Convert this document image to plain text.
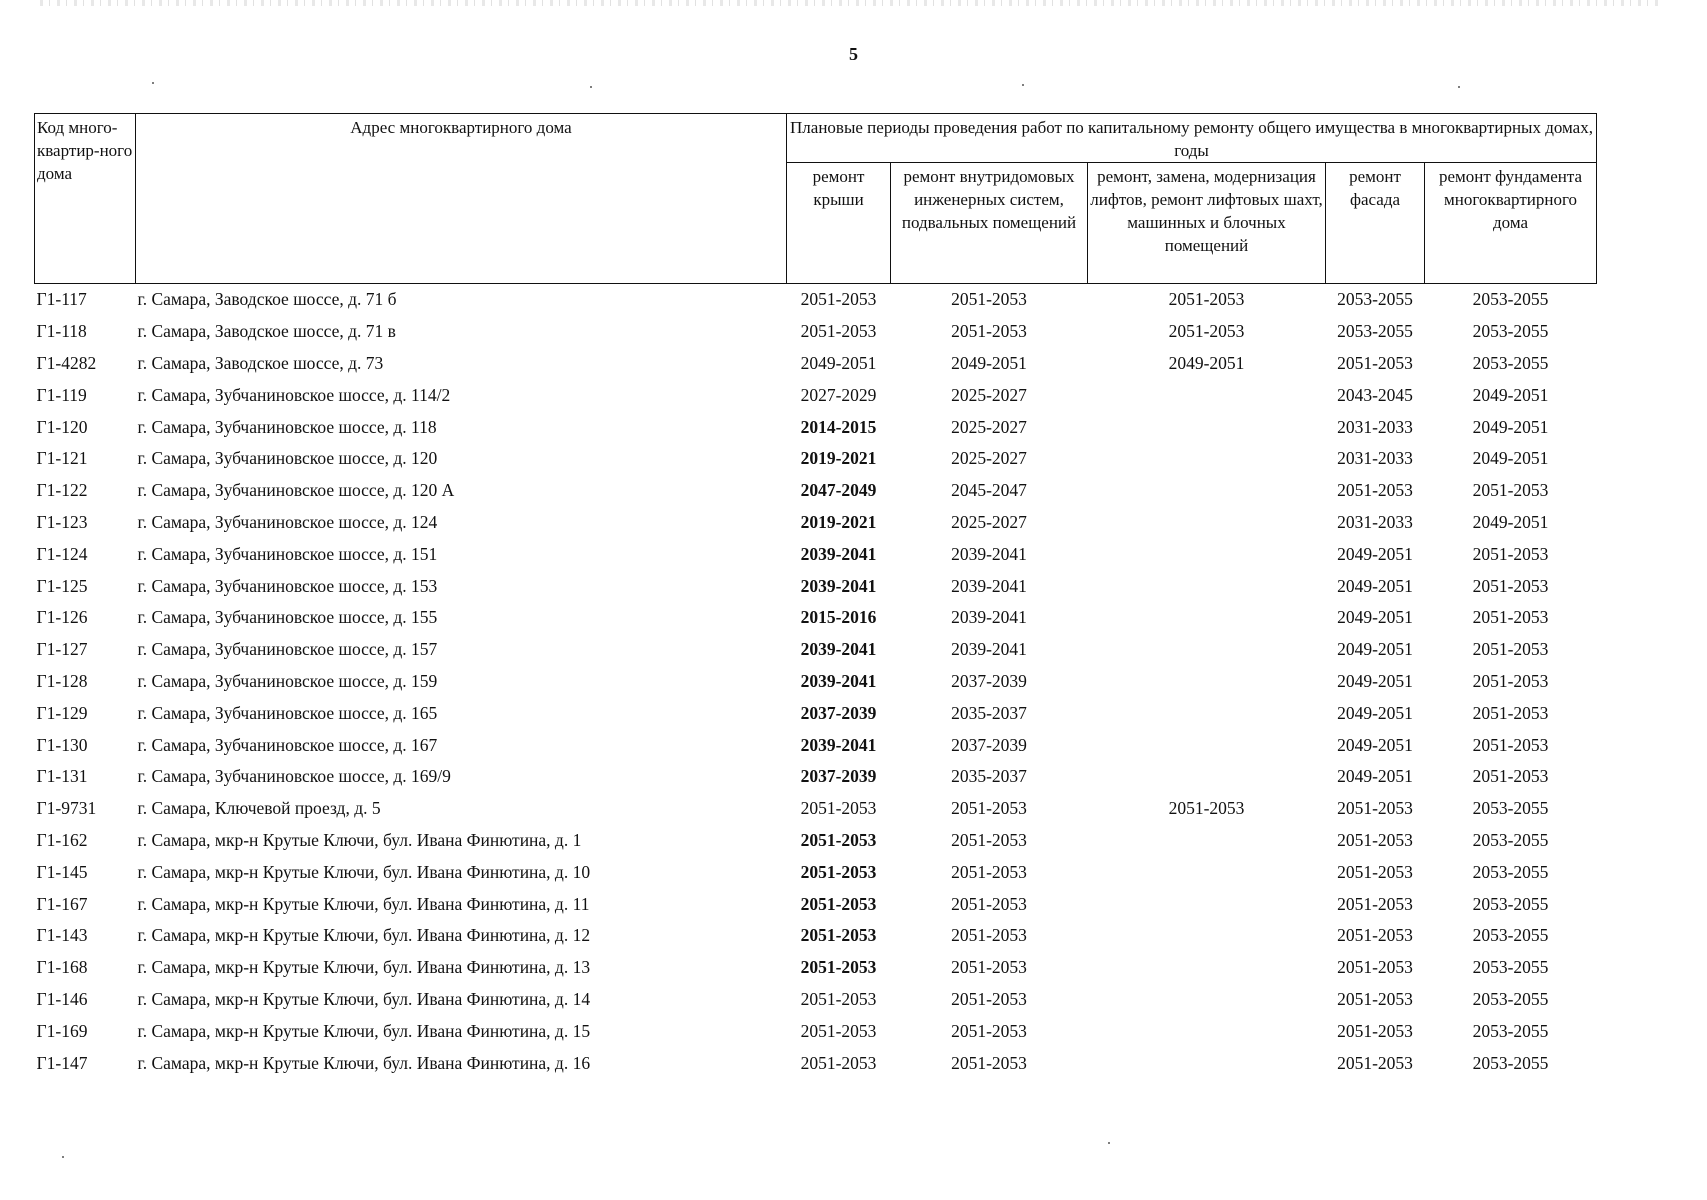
5
Код много-квартир-ного дома	Адрес многоквартирного дома	Плановые периоды проведения работ по капитальному ремонту общего имущества в многоквартирных домах, годы				
		ремонт крыши	ремонт внутридомовых инженерных систем, подвальных помещений	ремонт, замена, модернизация лифтов, ремонт лифтовых шахт, машинных и блочных помещений	ремонт фасада	ремонт фундамента многоквартирного дома
Г1-117	г. Самара, Заводское шоссе, д. 71 б	2051-2053	2051-2053	2051-2053	2053-2055	2053-2055
Г1-118	г. Самара, Заводское шоссе, д. 71 в	2051-2053	2051-2053	2051-2053	2053-2055	2053-2055
Г1-4282	г. Самара, Заводское шоссе, д. 73	2049-2051	2049-2051	2049-2051	2051-2053	2053-2055
Г1-119	г. Самара, Зубчаниновское шоссе, д. 114/2	2027-2029	2025-2027		2043-2045	2049-2051
Г1-120	г. Самара, Зубчаниновское шоссе, д. 118	2014-2015	2025-2027		2031-2033	2049-2051
Г1-121	г. Самара, Зубчаниновское шоссе, д. 120	2019-2021	2025-2027		2031-2033	2049-2051
Г1-122	г. Самара, Зубчаниновское шоссе, д. 120 А	2047-2049	2045-2047		2051-2053	2051-2053
Г1-123	г. Самара, Зубчаниновское шоссе, д. 124	2019-2021	2025-2027		2031-2033	2049-2051
Г1-124	г. Самара, Зубчаниновское шоссе, д. 151	2039-2041	2039-2041		2049-2051	2051-2053
Г1-125	г. Самара, Зубчаниновское шоссе, д. 153	2039-2041	2039-2041		2049-2051	2051-2053
Г1-126	г. Самара, Зубчаниновское шоссе, д. 155	2015-2016	2039-2041		2049-2051	2051-2053
Г1-127	г. Самара, Зубчаниновское шоссе, д. 157	2039-2041	2039-2041		2049-2051	2051-2053
Г1-128	г. Самара, Зубчаниновское шоссе, д. 159	2039-2041	2037-2039		2049-2051	2051-2053
Г1-129	г. Самара, Зубчаниновское шоссе, д. 165	2037-2039	2035-2037		2049-2051	2051-2053
Г1-130	г. Самара, Зубчаниновское шоссе, д. 167	2039-2041	2037-2039		2049-2051	2051-2053
Г1-131	г. Самара, Зубчаниновское шоссе, д. 169/9	2037-2039	2035-2037		2049-2051	2051-2053
Г1-9731	г. Самара, Ключевой проезд, д. 5	2051-2053	2051-2053	2051-2053	2051-2053	2053-2055
Г1-162	г. Самара, мкр-н Крутые Ключи, бул. Ивана Финютина, д. 1	2051-2053	2051-2053		2051-2053	2053-2055
Г1-145	г. Самара, мкр-н Крутые Ключи, бул. Ивана Финютина, д. 10	2051-2053	2051-2053		2051-2053	2053-2055
Г1-167	г. Самара, мкр-н Крутые Ключи, бул. Ивана Финютина, д. 11	2051-2053	2051-2053		2051-2053	2053-2055
Г1-143	г. Самара, мкр-н Крутые Ключи, бул. Ивана Финютина, д. 12	2051-2053	2051-2053		2051-2053	2053-2055
Г1-168	г. Самара, мкр-н Крутые Ключи, бул. Ивана Финютина, д. 13	2051-2053	2051-2053		2051-2053	2053-2055
Г1-146	г. Самара, мкр-н Крутые Ключи, бул. Ивана Финютина, д. 14	2051-2053	2051-2053		2051-2053	2053-2055
Г1-169	г. Самара, мкр-н Крутые Ключи, бул. Ивана Финютина, д. 15	2051-2053	2051-2053		2051-2053	2053-2055
Г1-147	г. Самара, мкр-н Крутые Ключи, бул. Ивана Финютина, д. 16	2051-2053	2051-2053		2051-2053	2053-2055
